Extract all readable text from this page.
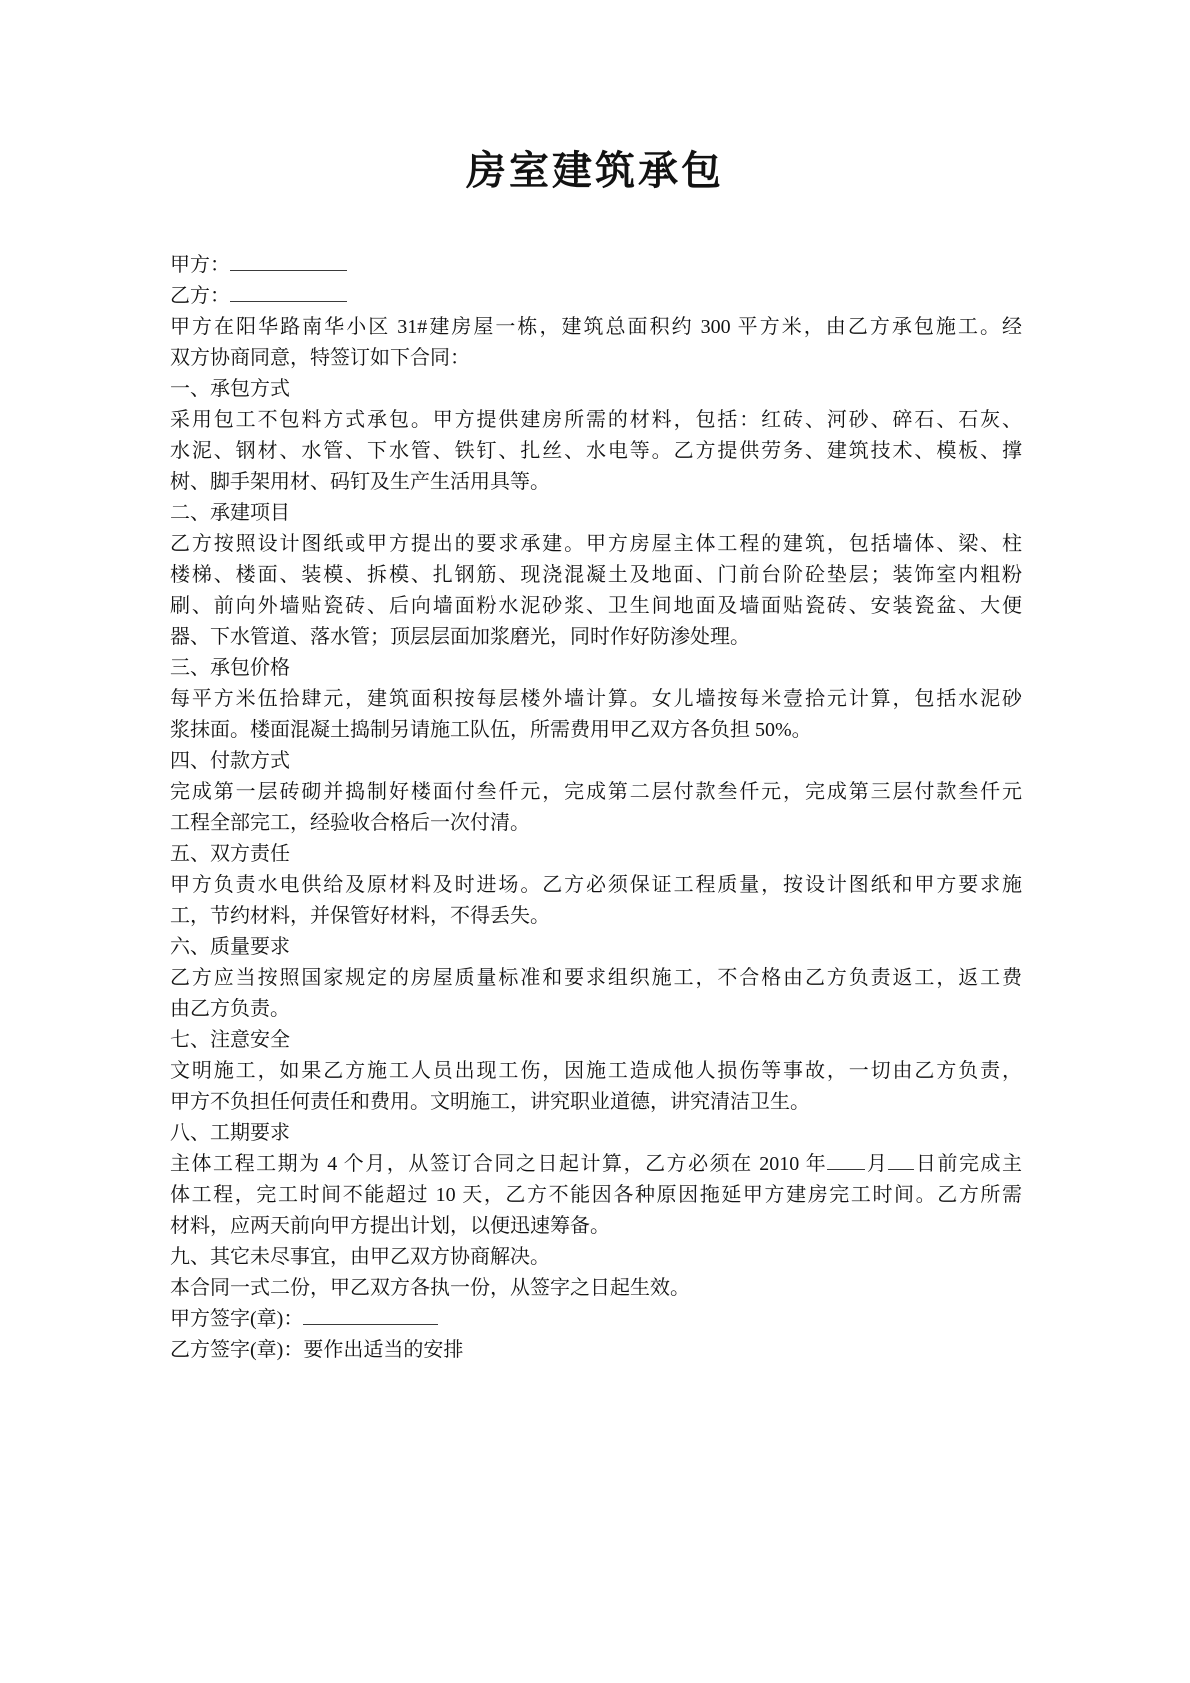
房室建筑承包
甲方：
乙方：
甲方在阳华路南华小区 31#建房屋一栋，建筑总面积约 300 平方米，由乙方承包施工。经
双方协商同意，特签订如下合同：
一、承包方式
采用包工不包料方式承包。甲方提供建房所需的材料，包括：红砖、河砂、碎石、石灰、
水泥、钢材、水管、下水管、铁钉、扎丝、水电等。乙方提供劳务、建筑技术、模板、撑
树、脚手架用材、码钉及生产生活用具等。
二、承建项目
乙方按照设计图纸或甲方提出的要求承建。甲方房屋主体工程的建筑，包括墙体、梁、柱
楼梯、楼面、装模、拆模、扎钢筋、现浇混凝土及地面、门前台阶砼垫层；装饰室内粗粉
刷、前向外墙贴瓷砖、后向墙面粉水泥砂浆、卫生间地面及墙面贴瓷砖、安装瓷盆、大便
器、下水管道、落水管；顶层层面加浆磨光，同时作好防渗处理。
三、承包价格
每平方米伍拾肆元，建筑面积按每层楼外墙计算。女儿墙按每米壹拾元计算，包括水泥砂
浆抹面。楼面混凝土捣制另请施工队伍，所需费用甲乙双方各负担 50%。
四、付款方式
完成第一层砖砌并捣制好楼面付叁仟元，完成第二层付款叁仟元，完成第三层付款叁仟元
工程全部完工，经验收合格后一次付清。
五、双方责任
甲方负责水电供给及原材料及时进场。乙方必须保证工程质量，按设计图纸和甲方要求施
工，节约材料，并保管好材料，不得丢失。
六、质量要求
乙方应当按照国家规定的房屋质量标准和要求组织施工，不合格由乙方负责返工，返工费
由乙方负责。
七、注意安全
文明施工，如果乙方施工人员出现工伤，因施工造成他人损伤等事故，一切由乙方负责，
甲方不负担任何责任和费用。文明施工，讲究职业道德，讲究清洁卫生。
八、工期要求
主体工程工期为 4 个月，从签订合同之日起计算，乙方必须在 2010 年 月 日前完成主
体工程，完工时间不能超过 10 天，乙方不能因各种原因拖延甲方建房完工时间。乙方所需
材料，应两天前向甲方提出计划，以便迅速筹备。
九、其它未尽事宜，由甲乙双方协商解决。
本合同一式二份，甲乙双方各执一份，从签字之日起生效。
甲方签字(章)：
乙方签字(章)：要作出适当的安排
